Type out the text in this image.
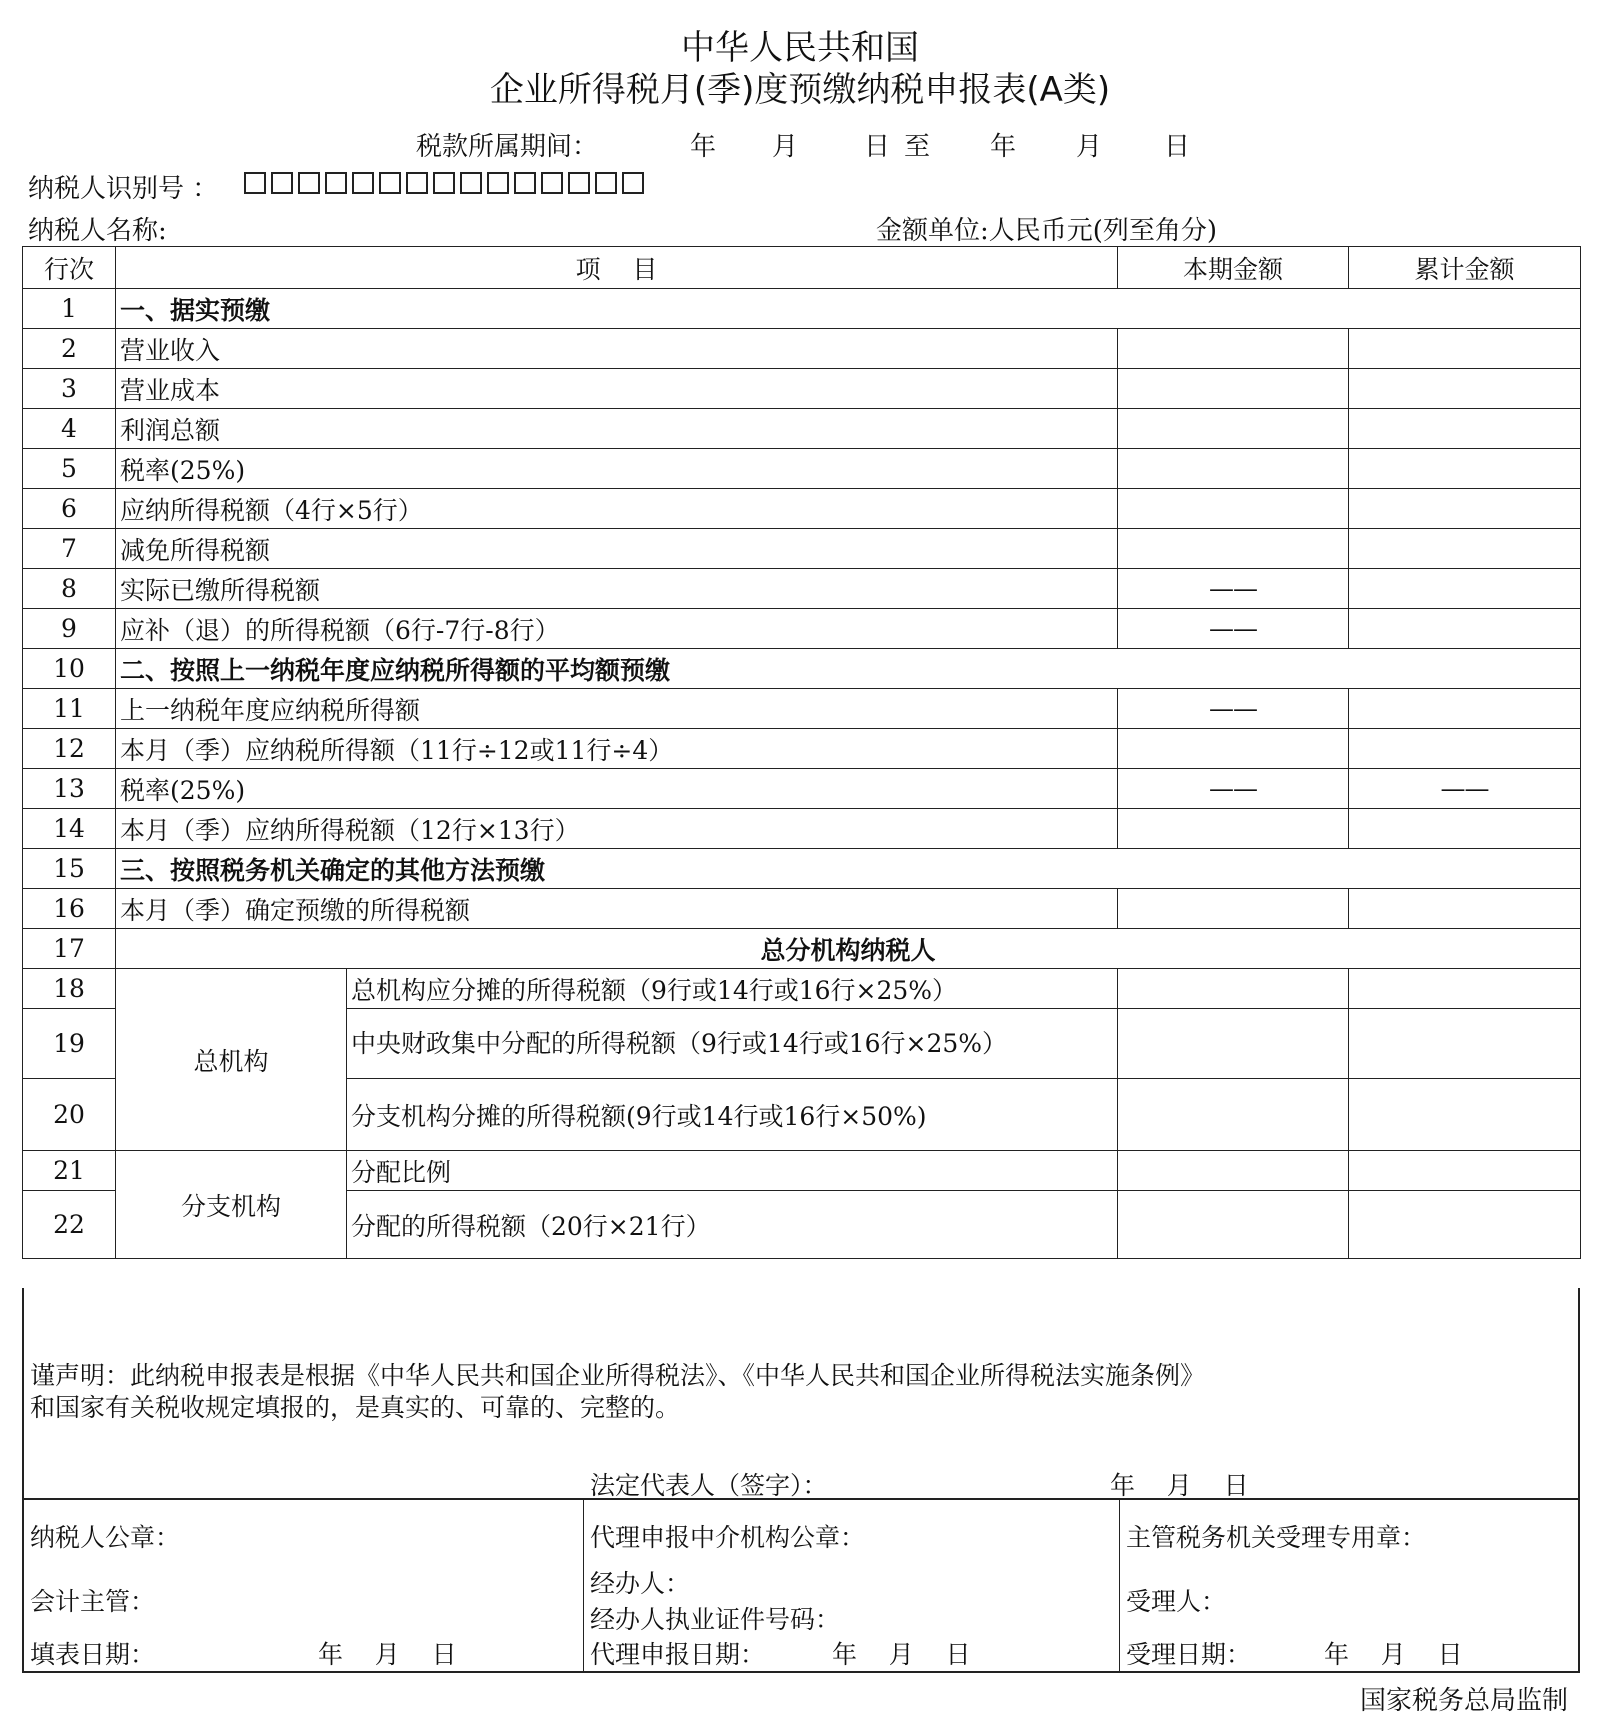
中华人民共和国
企业所得税月(季)度预缴纳税申报表(A类)

税款所属期间：

	年

月

	日

至

年

月

日

纳税人识别号 ：
纳税人名称:	金额单位:人民币元(列至角分)
行次	项    目		本期金额	累计金额
1	一、据实预缴			
2	营业收入			
3	营业成本			
4	利润总额			
5	税率(25%)			
6	应纳所得税额（4行×5行）			
7	减免所得税额			
8	实际已缴所得税额		——	
9	应补（退）的所得税额（6行-7行-8行）		——	
10	二、按照上一纳税年度应纳税所得额的平均额预缴			
11	上一纳税年度应纳税所得额		——	
12	本月（季）应纳税所得额（11行÷12或11行÷4）			
13	税率(25%)		——	——
14	本月（季）应纳所得税额（12行×13行）			
15	三、按照税务机关确定的其他方法预缴			
16	本月（季）确定预缴的所得税额			
17	总分机构纳税人			
18	总机构	总机构应分摊的所得税额（9行或14行或16行×25%）		
19		中央财政集中分配的所得税额（9行或14行或16行×25%）		
20		分支机构分摊的所得税额(9行或14行或16行×50%)		
21	分支机构	分配比例		
22		分配的所得税额（20行×21行）		
谨声明：此纳税申报表是根据《中华人民共和国企业所得税法》、《中华人民共和国企业所得税法实施条例》
和国家有关税收规定填报的，是真实的、可靠的、完整的。
法定代表人（签字）：	年    月    日
纳税人公章：
会计主管：
填表日期：	年    月    日
代理申报中介机构公章：
经办人：
经办人执业证件号码：
代理申报日期：	年    月    日
主管税务机关受理专用章：
受理人：
受理日期：	年    月    日
国家税务总局监制
